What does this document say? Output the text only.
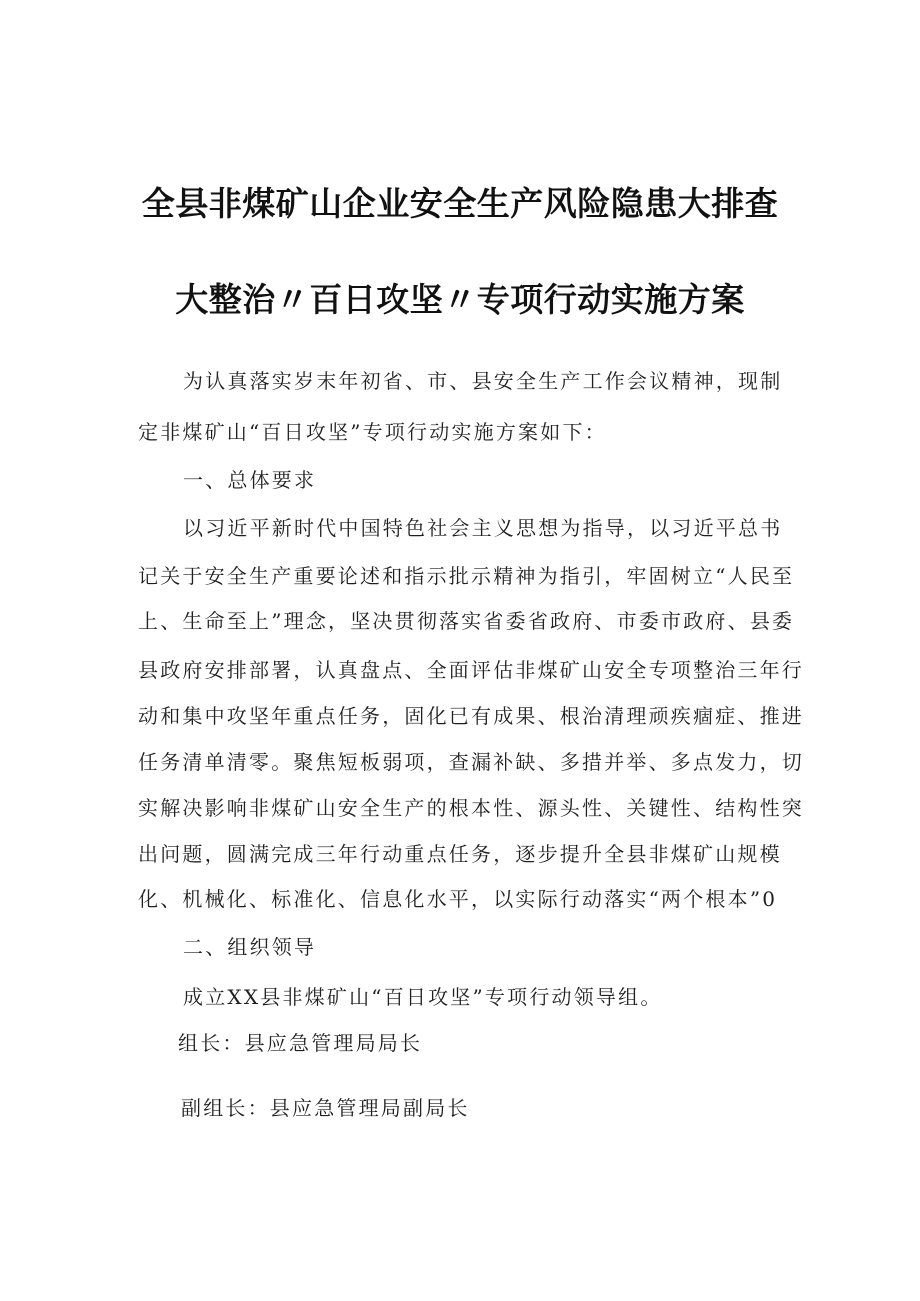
全县非煤矿山企业安全生产风险隐患大排查
大整治〃百日攻坚〃专项行动实施方案
为认真落实岁末年初省、市、县安全生产工作会议精神，现制
定非煤矿山“百日攻坚”专项行动实施方案如下：
一、总体要求
以习近平新时代中国特色社会主义思想为指导，以习近平总书
记关于安全生产重要论述和指示批示精神为指引，牢固树立“人民至
上、生命至上”理念，坚决贯彻落实省委省政府、市委市政府、县委
县政府安排部署，认真盘点、全面评估非煤矿山安全专项整治三年行
动和集中攻坚年重点任务，固化已有成果、根治清理顽疾痼症、推进
任务清单清零。聚焦短板弱项，查漏补缺、多措并举、多点发力，切
实解决影响非煤矿山安全生产的根本性、源头性、关键性、结构性突
出问题，圆满完成三年行动重点任务，逐步提升全县非煤矿山规模
化、机械化、标准化、信息化水平，以实际行动落实“两个根本”0
二、组织领导
成立XX县非煤矿山“百日攻坚”专项行动领导组。
组长：县应急管理局局长
副组长：县应急管理局副局长
